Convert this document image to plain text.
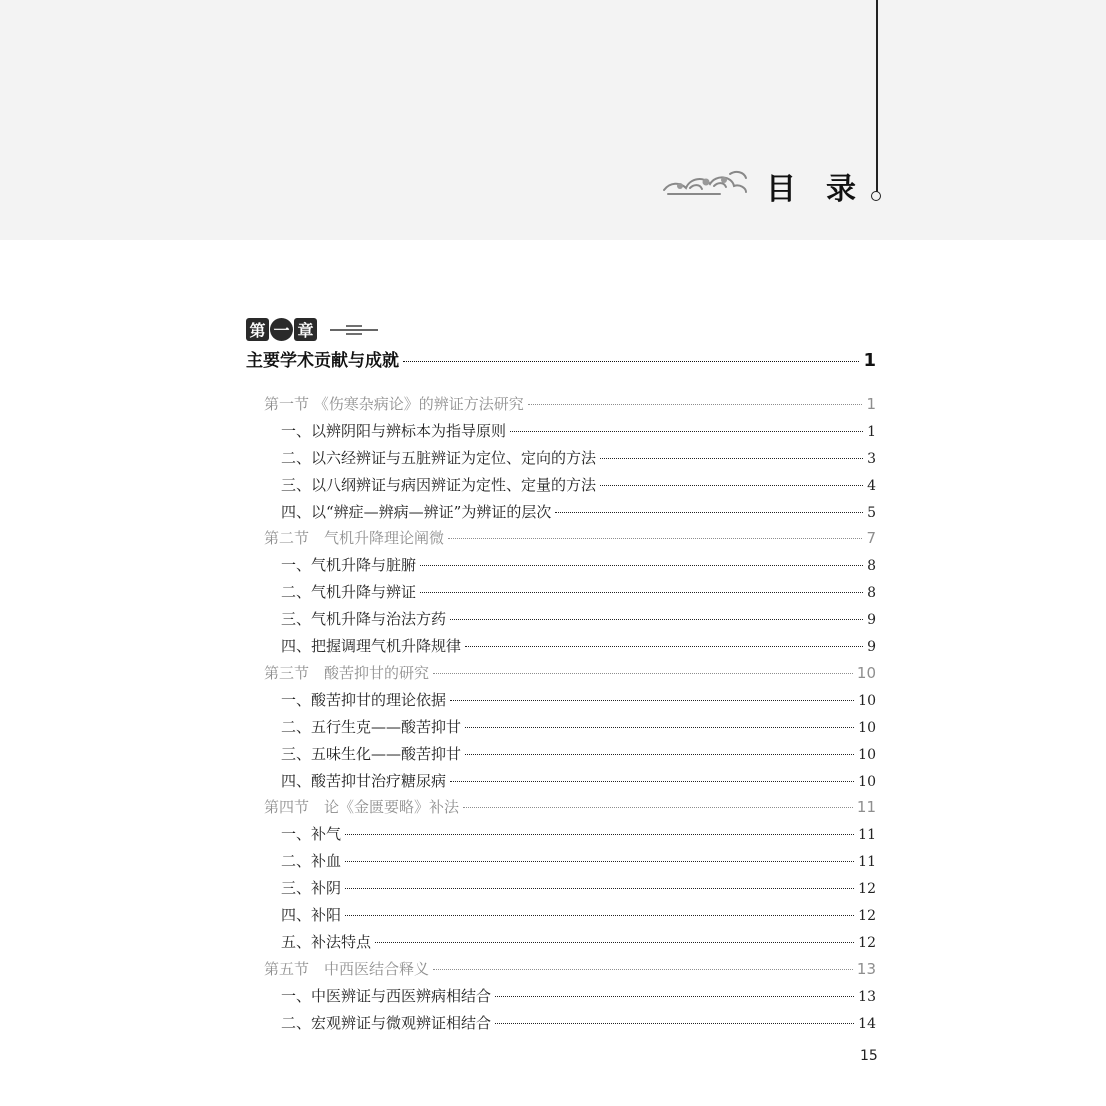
目录
第 一 章
主要学术贡献与成就	1
第一节 《伤寒杂病论》的辨证方法研究	1
一、以辨阴阳与辨标本为指导原则	1
二、以六经辨证与五脏辨证为定位、定向的方法	3
三、以八纲辨证与病因辨证为定性、定量的方法	4
四、以“辨症—辨病—辨证”为辨证的层次	5
第二节　气机升降理论阐微	7
一、气机升降与脏腑	8
二、气机升降与辨证	8
三、气机升降与治法方药	9
四、把握调理气机升降规律	9
第三节　酸苦抑甘的研究	10
一、酸苦抑甘的理论依据	10
二、五行生克——酸苦抑甘	10
三、五味生化——酸苦抑甘	10
四、酸苦抑甘治疗糖尿病	10
第四节　论《金匮要略》补法	11
一、补气	11
二、补血	11
三、补阴	12
四、补阳	12
五、补法特点	12
第五节　中西医结合释义	13
一、中医辨证与西医辨病相结合	13
二、宏观辨证与微观辨证相结合	14
15
